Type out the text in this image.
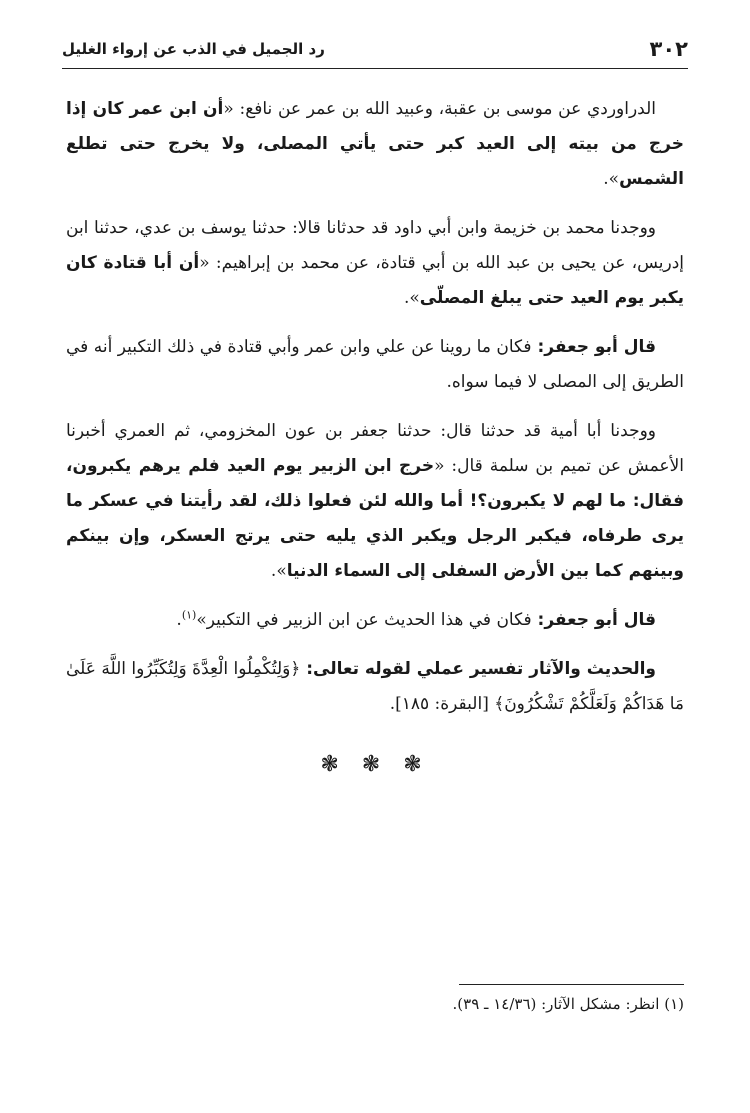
٣٠٢
رد الجميل في الذب عن إرواء الغليل

الدراوردي عن موسى بن عقبة، وعبيد الله بن عمر عن نافع: «أن ابن عمر كان إذا خرج من بيته إلى العيد كبر حتى يأتي المصلى، ولا يخرج حتى تطلع الشمس».

ووجدنا محمد بن خزيمة وابن أبي داود قد حدثانا قالا: حدثنا يوسف بن عدي، حدثنا ابن إدريس، عن يحيى بن عبد الله بن أبي قتادة، عن محمد بن إبراهيم: «أن أبا قتادة كان يكبر يوم العيد حتى يبلغ المصلّى».

قال أبو جعفر: فكان ما روينا عن علي وابن عمر وأبي قتادة في ذلك التكبير أنه في الطريق إلى المصلى لا فيما سواه.

ووجدنا أبا أمية قد حدثنا قال: حدثنا جعفر بن عون المخزومي، ثم العمري أخبرنا الأعمش عن تميم بن سلمة قال: «خرج ابن الزبير يوم العيد فلم يرهم يكبرون، فقال: ما لهم لا يكبرون؟! أما والله لئن فعلوا ذلك، لقد رأيتنا في عسكر ما يرى طرفاه، فيكبر الرجل ويكبر الذي يليه حتى يرتج العسكر، وإن بينكم وبينهم كما بين الأرض السفلى إلى السماء الدنيا».

قال أبو جعفر: فكان في هذا الحديث عن ابن الزبير في التكبير»$^{(١)}$.

والحديث والآثار تفسير عملي لقوله تعالى: ﴿وَلِتُكْمِلُوا الْعِدَّةَ وَلِتُكَبِّرُوا اللَّهَ عَلَىٰ مَا هَدَاكُمْ وَلَعَلَّكُمْ تَشْكُرُونَ﴾ [البقرة: ١٨٥].

❃ ❃ ❃
(١) انظر: مشكل الآثار: (١٤/٣٦ ـ ٣٩).
